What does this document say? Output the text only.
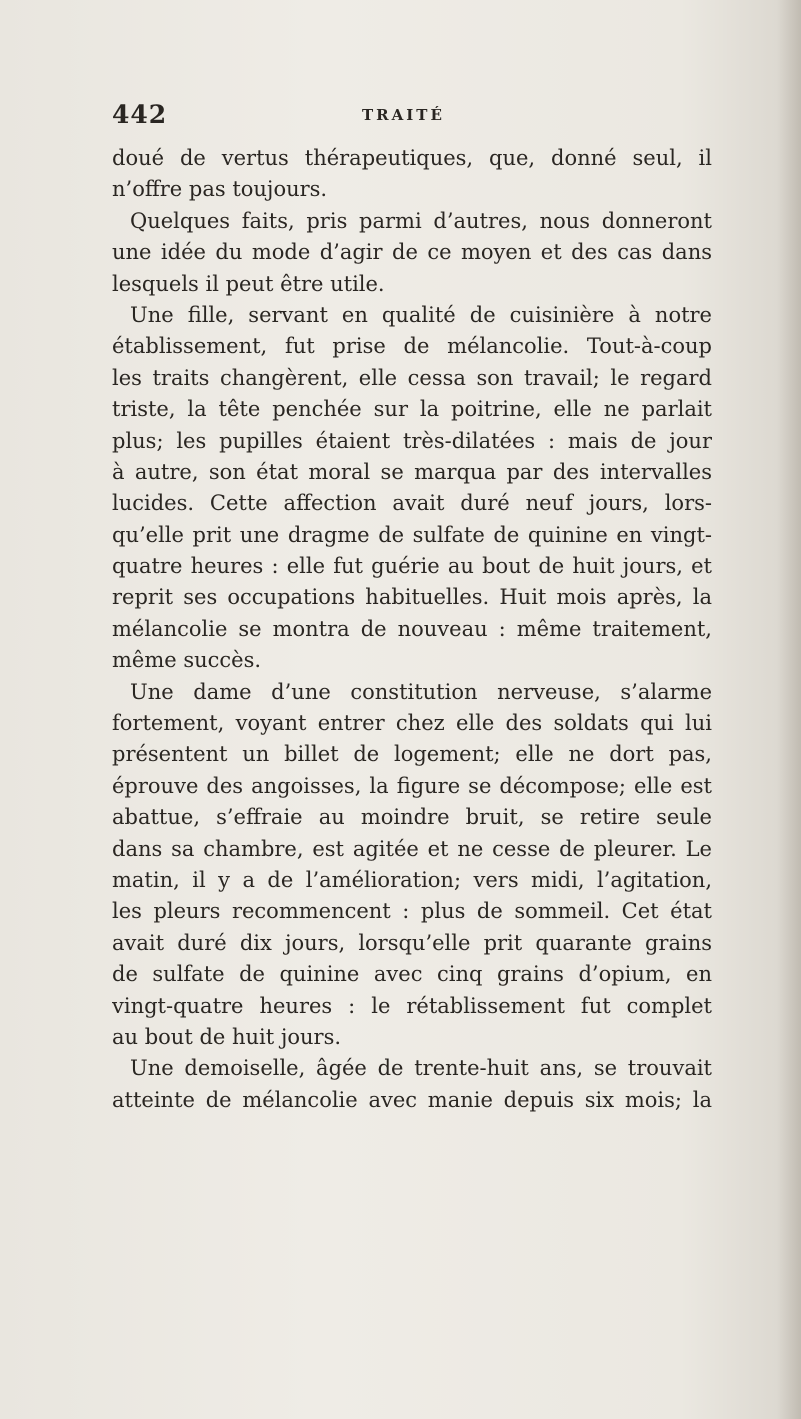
442	TRAITÉ
doué de vertus thérapeutiques, que, donné seul, il
n’offre pas toujours.
Quelques faits, pris parmi d’autres, nous donneront
une idée du mode d’agir de ce moyen et des cas dans
lesquels il peut être utile.
Une fille, servant en qualité de cuisinière à notre
établissement, fut prise de mélancolie. Tout-à-coup
les traits changèrent, elle cessa son travail; le regard
triste, la tête penchée sur la poitrine, elle ne parlait
plus; les pupilles étaient très-dilatées : mais de jour
à autre, son état moral se marqua par des intervalles
lucides. Cette affection avait duré neuf jours, lors-
qu’elle prit une dragme de sulfate de quinine en vingt-
quatre heures : elle fut guérie au bout de huit jours, et
reprit ses occupations habituelles. Huit mois après, la
mélancolie se montra de nouveau : même traitement,
même succès.
Une dame d’une constitution nerveuse, s’alarme
fortement, voyant entrer chez elle des soldats qui lui
présentent un billet de logement; elle ne dort pas,
éprouve des angoisses, la figure se décompose; elle est
abattue, s’effraie au moindre bruit, se retire seule
dans sa chambre, est agitée et ne cesse de pleurer. Le
matin, il y a de l’amélioration; vers midi, l’agitation,
les pleurs recommencent : plus de sommeil. Cet état
avait duré dix jours, lorsqu’elle prit quarante grains
de sulfate de quinine avec cinq grains d’opium, en
vingt-quatre heures : le rétablissement fut complet
au bout de huit jours.
Une demoiselle, âgée de trente-huit ans, se trouvait
atteinte de mélancolie avec manie depuis six mois; la
